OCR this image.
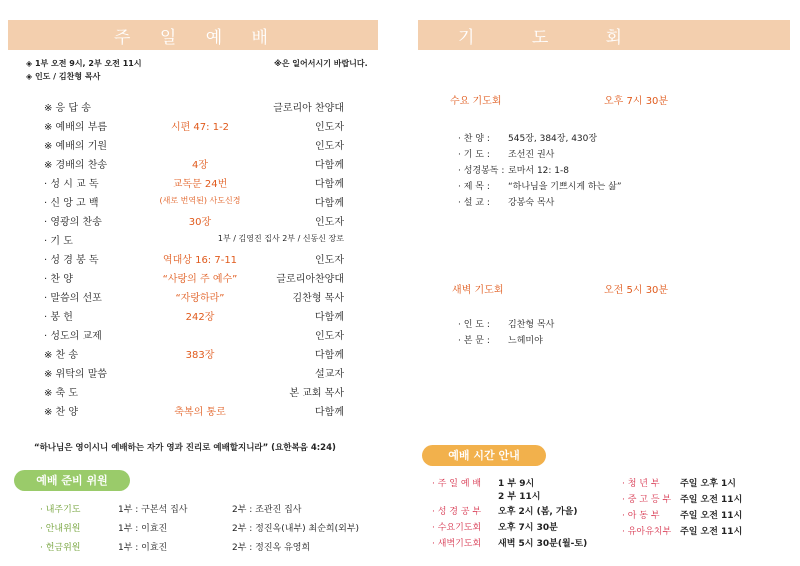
주 일 예 배
◈ 1부 오전 9시, 2부 오전 11시
◈ 인도 / 김찬형 목사
※은 일어서시기 바랍니다.
※ 응 답 송	글로리아 찬양대
※ 예배의 부름	시편 47: 1-2	인도자
※ 예배의 기원	인도자
※ 경배의 찬송	4장	다함께
· 성 시 교 독	교독문 24번	다함께
· 신 앙 고 백	(새로 번역된) 사도신경	다함께
· 영광의 찬송	30장	인도자
· 기 도	1부 / 김영진 집사 2부 / 신동신 장로
· 성 경 봉 독	역대상 16: 7-11	인도자
· 찬 양	“사랑의 주 예수”	글로리아찬양대
· 말씀의 선포	“자랑하라”	김찬형 목사
· 봉 헌	242장	다함께
· 성도의 교제	인도자
※ 찬 송	383장	다함께
※ 위탁의 말씀	설교자
※ 축 도	본 교회 목사
※ 찬 양	축복의 통로	다함께
“하나님은 영이시니 예배하는 자가 영과 진리로 예배할지니라” (요한복음 4:24)
예배 준비 위원
· 내주기도	1부 : 구본석 집사	2부 : 조관진 집사
· 안내위원	1부 : 이효진	2부 : 정진옥(내부) 최순희(외부)
· 헌금위원	1부 : 이효진	2부 : 정진옥 유영희
기 도 회
수요 기도회	오후 7시 30분
· 찬 양 : 545장, 384장, 430장
· 기 도 : 조선진 권사
· 성경봉독 : 로마서 12: 1-8
· 제 목 : “하나님을 기쁘시게 하는 삶”
· 설 교 : 강봉숙 목사
새벽 기도회	오전 5시 30분
· 인 도 : 김찬형 목사
· 본 문 : 느헤미야
예배 시간 안내
· 주 일 예 배 1 부 9시
2 부 11시
· 성 경 공 부 오후 2시 (봄, 가을)
· 수요기도회 오후 7시 30분
· 새벽기도회 새벽 5시 30분(월-토)
· 청 년 부 주일 오후 1시
· 중 고 등 부 주일 오전 11시
· 아 동 부 주일 오전 11시
· 유아유치부 주일 오전 11시
